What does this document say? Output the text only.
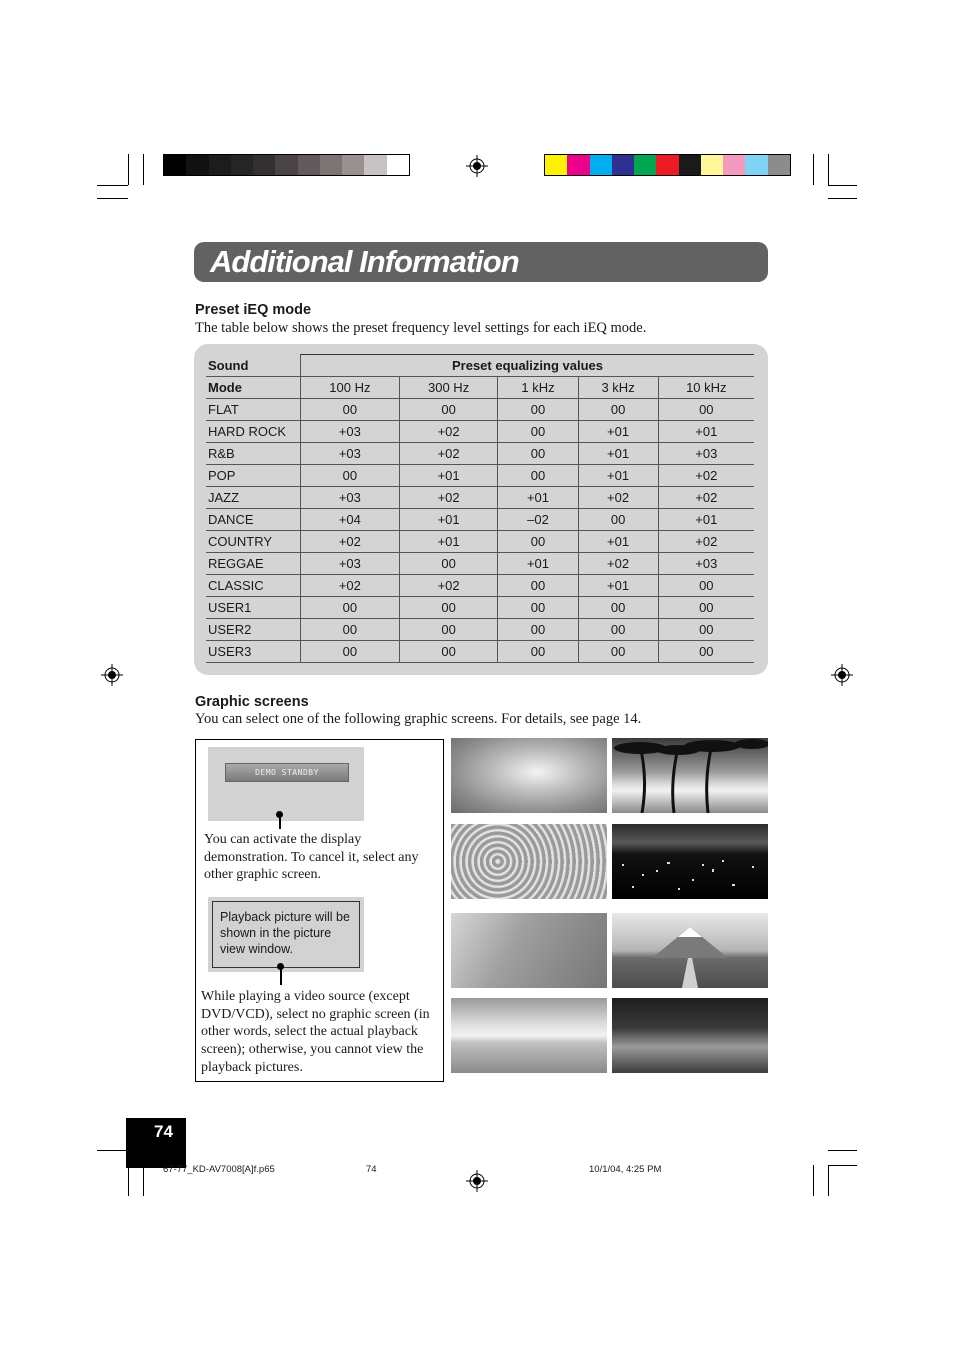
Additional Information
Preset iEQ mode
The table below shows the preset frequency level settings for each iEQ mode.
Sound	Preset equalizing values				
Mode	100 Hz	300 Hz	1 kHz	3 kHz	10 kHz
FLAT	00	00	00	00	00
HARD ROCK	+03	+02	00	+01	+01
R&B	+03	+02	00	+01	+03
POP	00	+01	00	+01	+02
JAZZ	+03	+02	+01	+02	+02
DANCE	+04	+01	–02	00	+01
COUNTRY	+02	+01	00	+01	+02
REGGAE	+03	00	+01	+02	+03
CLASSIC	+02	+02	00	+01	00
USER1	00	00	00	00	00
USER2	00	00	00	00	00
USER3	00	00	00	00	00
Graphic screens
You can select one of the following graphic screens. For details, see page 14.
DEMO STANDBY
You can activate the display demonstration. To cancel it, select any other graphic screen.
Playback picture will be shown in the picture view window.
While playing a video source (except DVD/VCD), select no graphic screen (in other words, select the actual playback screen); otherwise, you cannot view the playback pictures.
74
67-77_KD-AV7008[A]f.p65	74	10/1/04, 4:25 PM
